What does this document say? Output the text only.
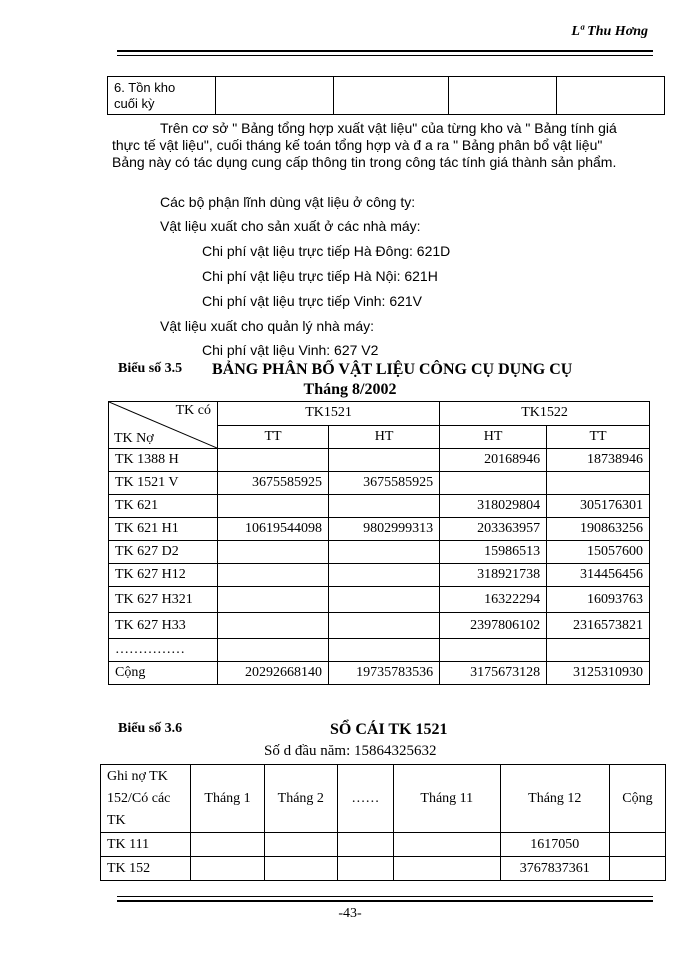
Lª Thu Hơng
6. Tồn kho
cuối kỳ				
Trên cơ sở " Bảng tổng hợp xuất vật liệu" của từng kho và " Bảng tính giá thực tế vật liệu", cuối tháng kế toán tổng hợp và đ a ra " Bảng phân bổ vật liệu" Bảng này có tác dụng cung cấp thông tin trong công tác tính giá thành sản phẩm.
Các bộ phận lĩnh dùng vật liệu ở công ty:
Vật liệu xuất cho sản xuất ở các nhà máy:
Chi phí vật liệu trực tiếp Hà Đông: 621D
Chi phí vật liệu trực tiếp Hà Nội: 621H
Chi phí vật liệu trực tiếp Vinh: 621V
Vật liệu xuất cho quản lý nhà máy:
Chi phí vật liệu Vinh: 627 V2
Biểu số 3.5 BẢNG PHÂN BỐ VẬT LIỆU CÔNG CỤ DỤNG CỤ
Tháng 8/2002
TK có
TK Nợ	TK1521		TK1522	
	TT	HT	HT	TT
TK 1388 H			20168946	18738946
TK 1521 V	3675585925	3675585925		
TK 621			318029804	305176301
TK 621 H1	10619544098	9802999313	203363957	190863256
TK 627 D2			15986513	15057600
TK 627 H12			318921738	314456456
TK 627 H321			16322294	16093763
TK 627 H33			2397806102	2316573821
……………				
Cộng	20292668140	19735783536	3175673128	3125310930
Biểu số 3.6	SỔ CÁI TK 1521
Số d đầu năm: 15864325632
Ghi nợ TK 152/Có các TK	Tháng 1	Tháng 2	……	Tháng 11	Tháng 12	Cộng
TK 111					1617050	
TK 152					3767837361	
-43-
